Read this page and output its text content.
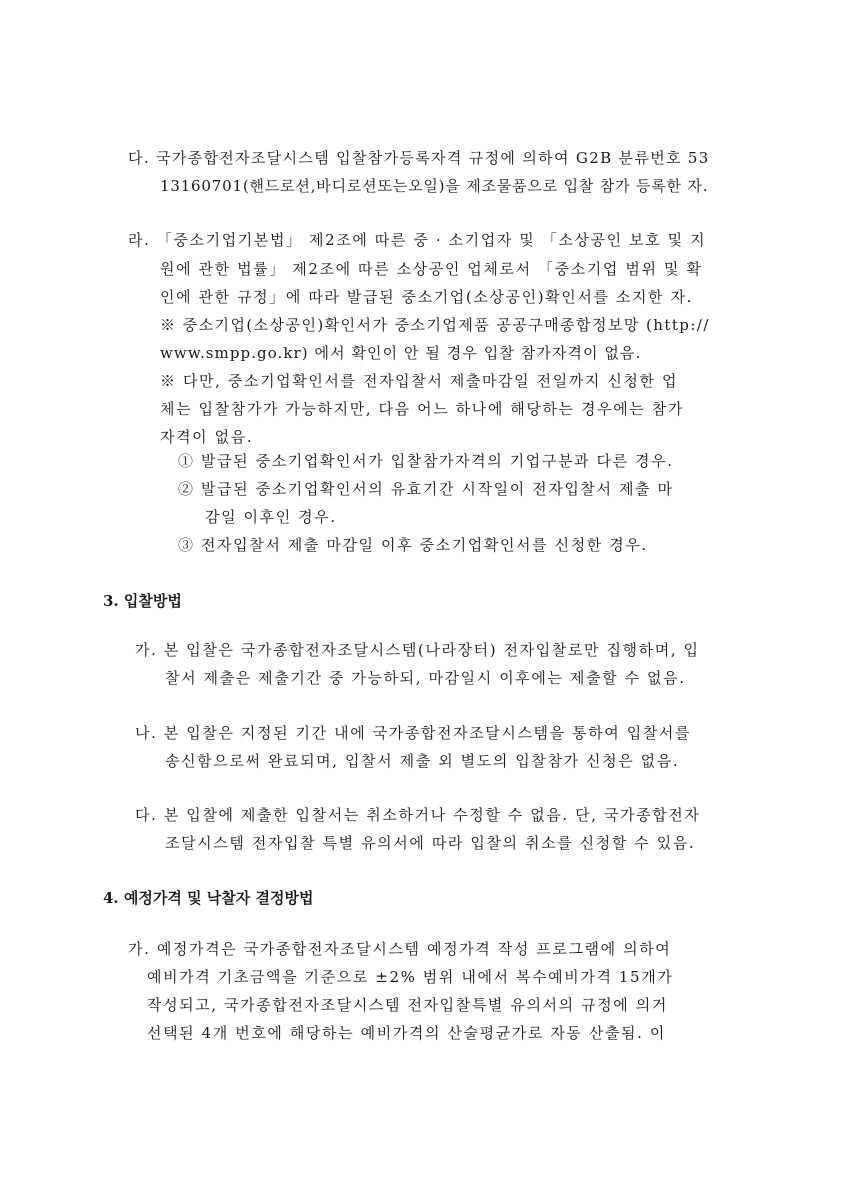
다. 국가종합전자조달시스템 입찰참가등록자격 규정에 의하여 G2B 분류번호 53
13160701(핸드로션,바디로션또는오일)을 제조물품으로 입찰 참가 등록한 자.
라. 「중소기업기본법」 제2조에 따른 중 · 소기업자 및 「소상공인 보호 및 지
원에 관한 법률」 제2조에 따른 소상공인 업체로서 「중소기업 범위 및 확
인에 관한 규정」에 따라 발급된 중소기업(소상공인)확인서를 소지한 자.
※ 중소기업(소상공인)확인서가 중소기업제품 공공구매종합정보망 (http://
www.smpp.go.kr) 에서 확인이 안 될 경우 입찰 참가자격이 없음.
※ 다만, 중소기업확인서를 전자입찰서 제출마감일 전일까지 신청한 업
체는 입찰참가가 가능하지만, 다음 어느 하나에 해당하는 경우에는 참가
자격이 없음.
① 발급된 중소기업확인서가 입찰참가자격의 기업구분과 다른 경우.
② 발급된 중소기업확인서의 유효기간 시작일이 전자입찰서 제출 마
감일 이후인 경우.
③ 전자입찰서 제출 마감일 이후 중소기업확인서를 신청한 경우.
3. 입찰방법
가. 본 입찰은 국가종합전자조달시스템(나라장터) 전자입찰로만 집행하며, 입
찰서 제출은 제출기간 중 가능하되, 마감일시 이후에는 제출할 수 없음.
나. 본 입찰은 지정된 기간 내에 국가종합전자조달시스템을 통하여 입찰서를
송신함으로써 완료되며, 입찰서 제출 외 별도의 입찰참가 신청은 없음.
다. 본 입찰에 제출한 입찰서는 취소하거나 수정할 수 없음. 단, 국가종합전자
조달시스템 전자입찰 특별 유의서에 따라 입찰의 취소를 신청할 수 있음.
4. 예정가격 및 낙찰자 결정방법
가. 예정가격은 국가종합전자조달시스템 예정가격 작성 프로그램에 의하여
예비가격 기초금액을 기준으로 ±2% 범위 내에서 복수예비가격 15개가
작성되고, 국가종합전자조달시스템 전자입찰특별 유의서의 규정에 의거
선택된 4개 번호에 해당하는 예비가격의 산술평균가로 자동 산출됨. 이
